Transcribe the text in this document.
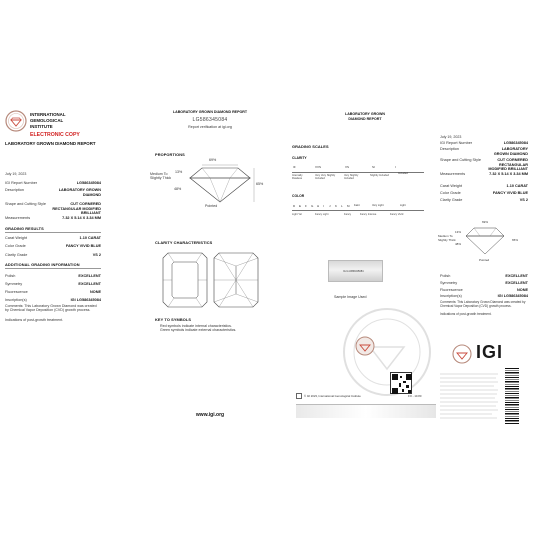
INTERNATIONAL
GEMOLOGICAL
INSTITUTE
ELECTRONIC COPY
LABORATORY GROWN DIAMOND REPORT
July 19, 2023
IGI Report Number	LG586345084
Description	LABORATORY GROWN DIAMOND
Shape and Cutting Style	CUT CORNERED RECTANGULAR MODIFIED BRILLIANT
Measurements	7.32 X 5.14 X 3.34 MM
GRADING RESULTS
Carat Weight	1.10 CARAT
Color Grade	FANCY VIVID BLUE
Clarity Grade	VS 2
ADDITIONAL GRADING INFORMATION
Polish	EXCELLENT
Symmetry	EXCELLENT
Fluorescence	NONE
Inscription(s)	IGI LG586345084
Comments: This Laboratory Grown Diamond was created by Chemical Vapor Deposition (CVD) growth process.
Indications of post-growth treatment.
LABORATORY GROWN DIAMOND REPORT
LG586345084
Report verification at igi.org
PROPORTIONS
69%
13%
48%
65%
Medium To Slightly Thick
Pointed
CLARITY CHARACTERISTICS
KEY TO SYMBOLS
Red symbols indicate internal characteristics.
Green symbols indicate external characteristics.
www.igi.org
LABORATORY GROWN
DIAMOND REPORT
GRADING SCALES
CLARITY
IF	VVS	VS	SI	I
Included
Internally Flawless
Very Very Slightly Included
Very Slightly Included
Slightly Included
COLOR
D E F G H I J K L M Faint	Very Light	Light
Light Yel	Fancy Light	Fancy	Fancy Intense	Fancy Vivid
IGI LG586345084
Sample Image Used
© 02 2023, International Gemological Institute	FO - 10.80
July 19, 2023
IGI Report Number	LG586345084
Description	LABORATORY GROWN DIAMOND
Shape and Cutting Style	CUT CORNERED RECTANGULAR MODIFIED BRILLIANT
Measurements	7.32 X 5.14 X 3.34 MM
Carat Weight	1.10 CARAT
Color Grade	FANCY VIVID BLUE
Clarity Grade	VS 2
69%
13%
48%
65%
Medium To Slightly Thick
Pointed
Polish	EXCELLENT
Symmetry	EXCELLENT
Fluorescence	NONE
Inscription(s)	IGI LG586345084
Comments: This Laboratory Grown Diamond was created by Chemical Vapor Deposition (CVD) growth process.
Indications of post-growth treatment.
IGI
